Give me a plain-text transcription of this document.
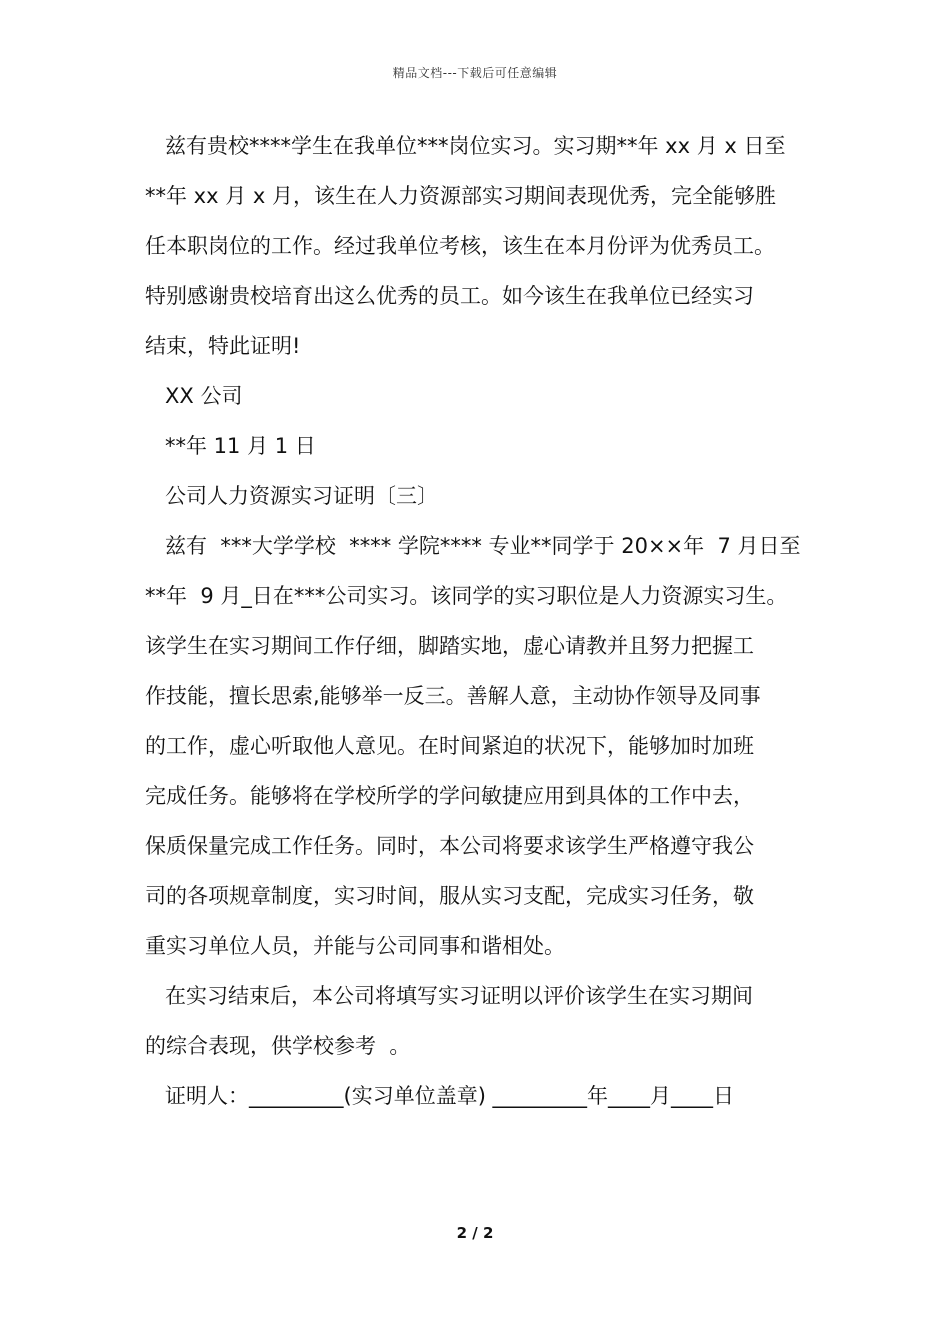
精品文档---下载后可任意编辑
兹有贵校****学生在我单位***岗位实习。实习期**年 xx 月 x 日至
**年 xx 月 x 月，该生在人力资源部实习期间表现优秀，完全能够胜
任本职岗位的工作。经过我单位考核，该生在本月份评为优秀员工。
特别感谢贵校培育出这么优秀的员工。如今该生在我单位已经实习
结束，特此证明!
XX 公司
**年 11 月 1 日
公司人力资源实习证明〔三〕
兹有  ***大学学校  **** 学院**** 专业**同学于 20××年  7 月日至
**年  9 月_日在***公司实习。该同学的实习职位是人力资源实习生。
该学生在实习期间工作仔细，脚踏实地，虚心请教并且努力把握工
作技能，擅长思索,能够举一反三。善解人意，主动协作领导及同事
的工作，虚心听取他人意见。在时间紧迫的状况下，能够加时加班
完成任务。能够将在学校所学的学问敏捷应用到具体的工作中去，
保质保量完成工作任务。同时，本公司将要求该学生严格遵守我公
司的各项规章制度，实习时间，服从实习支配，完成实习任务，敬
重实习单位人员，并能与公司同事和谐相处。
在实习结束后，本公司将填写实习证明以评价该学生在实习期间
的综合表现，供学校参考  。
证明人：_________(实习单位盖章) _________年____月____日
2 / 2
